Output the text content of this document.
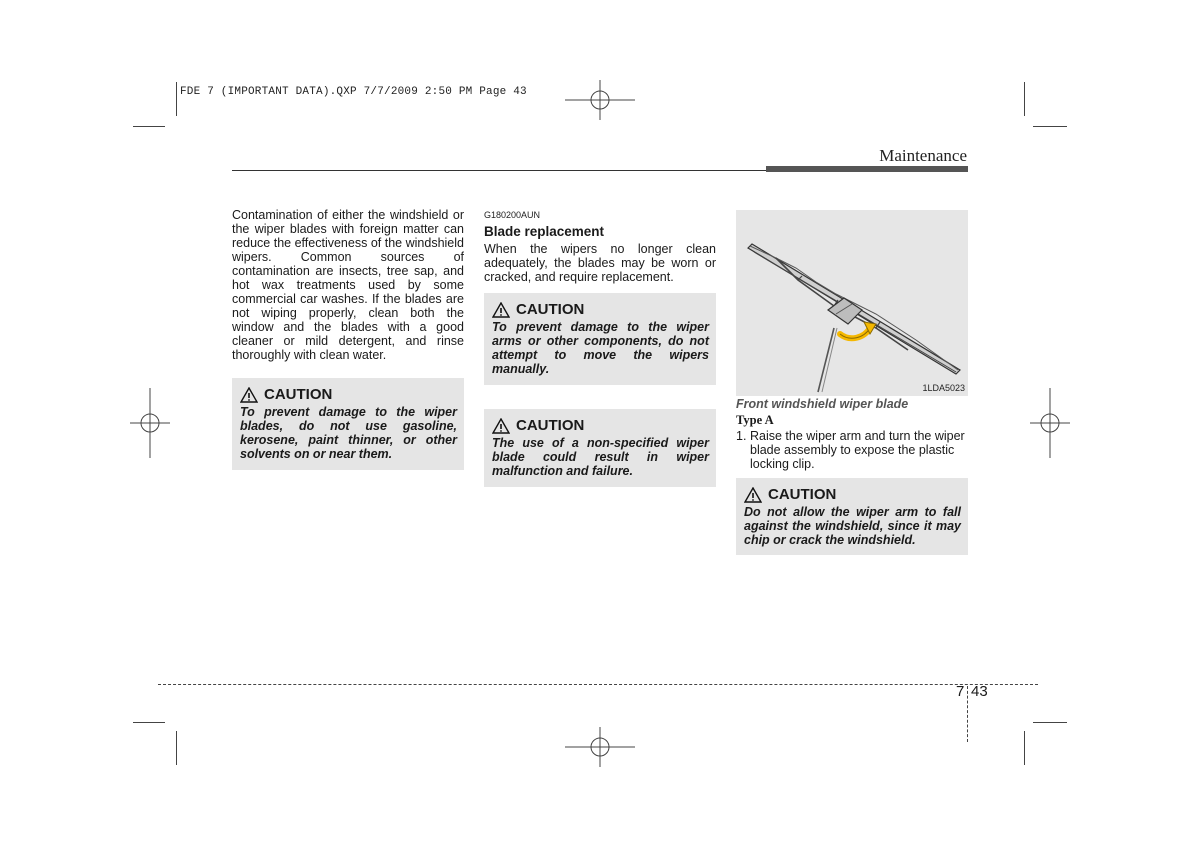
FDE 7 (IMPORTANT DATA).QXP 7/7/2009 2:50 PM Page 43
Maintenance
Contamination of either the windshield or the wiper blades with foreign matter can reduce the effectiveness of the windshield wipers. Common sources of contamination are insects, tree sap, and hot wax treatments used by some commercial car washes. If the blades are not wiping properly, clean both the window and the blades with a good cleaner or mild detergent, and rinse thoroughly with clean water.
CAUTION
To prevent damage to the wiper blades, do not use gasoline, kerosene, paint thinner, or other solvents on or near them.
G180200AUN
Blade replacement
When the wipers no longer clean adequately, the blades may be worn or cracked, and require replacement.
CAUTION
To prevent damage to the wiper arms or other components, do not attempt to move the wipers manually.
CAUTION
The use of a non-specified wiper blade could result in wiper malfunction and failure.
1LDA5023
Front windshield wiper blade
Type A
1. Raise the wiper arm and turn the wiper blade assembly to expose the plastic locking clip.
CAUTION
Do not allow the wiper arm to fall against the windshield, since it may chip or crack the windshield.
7 43
